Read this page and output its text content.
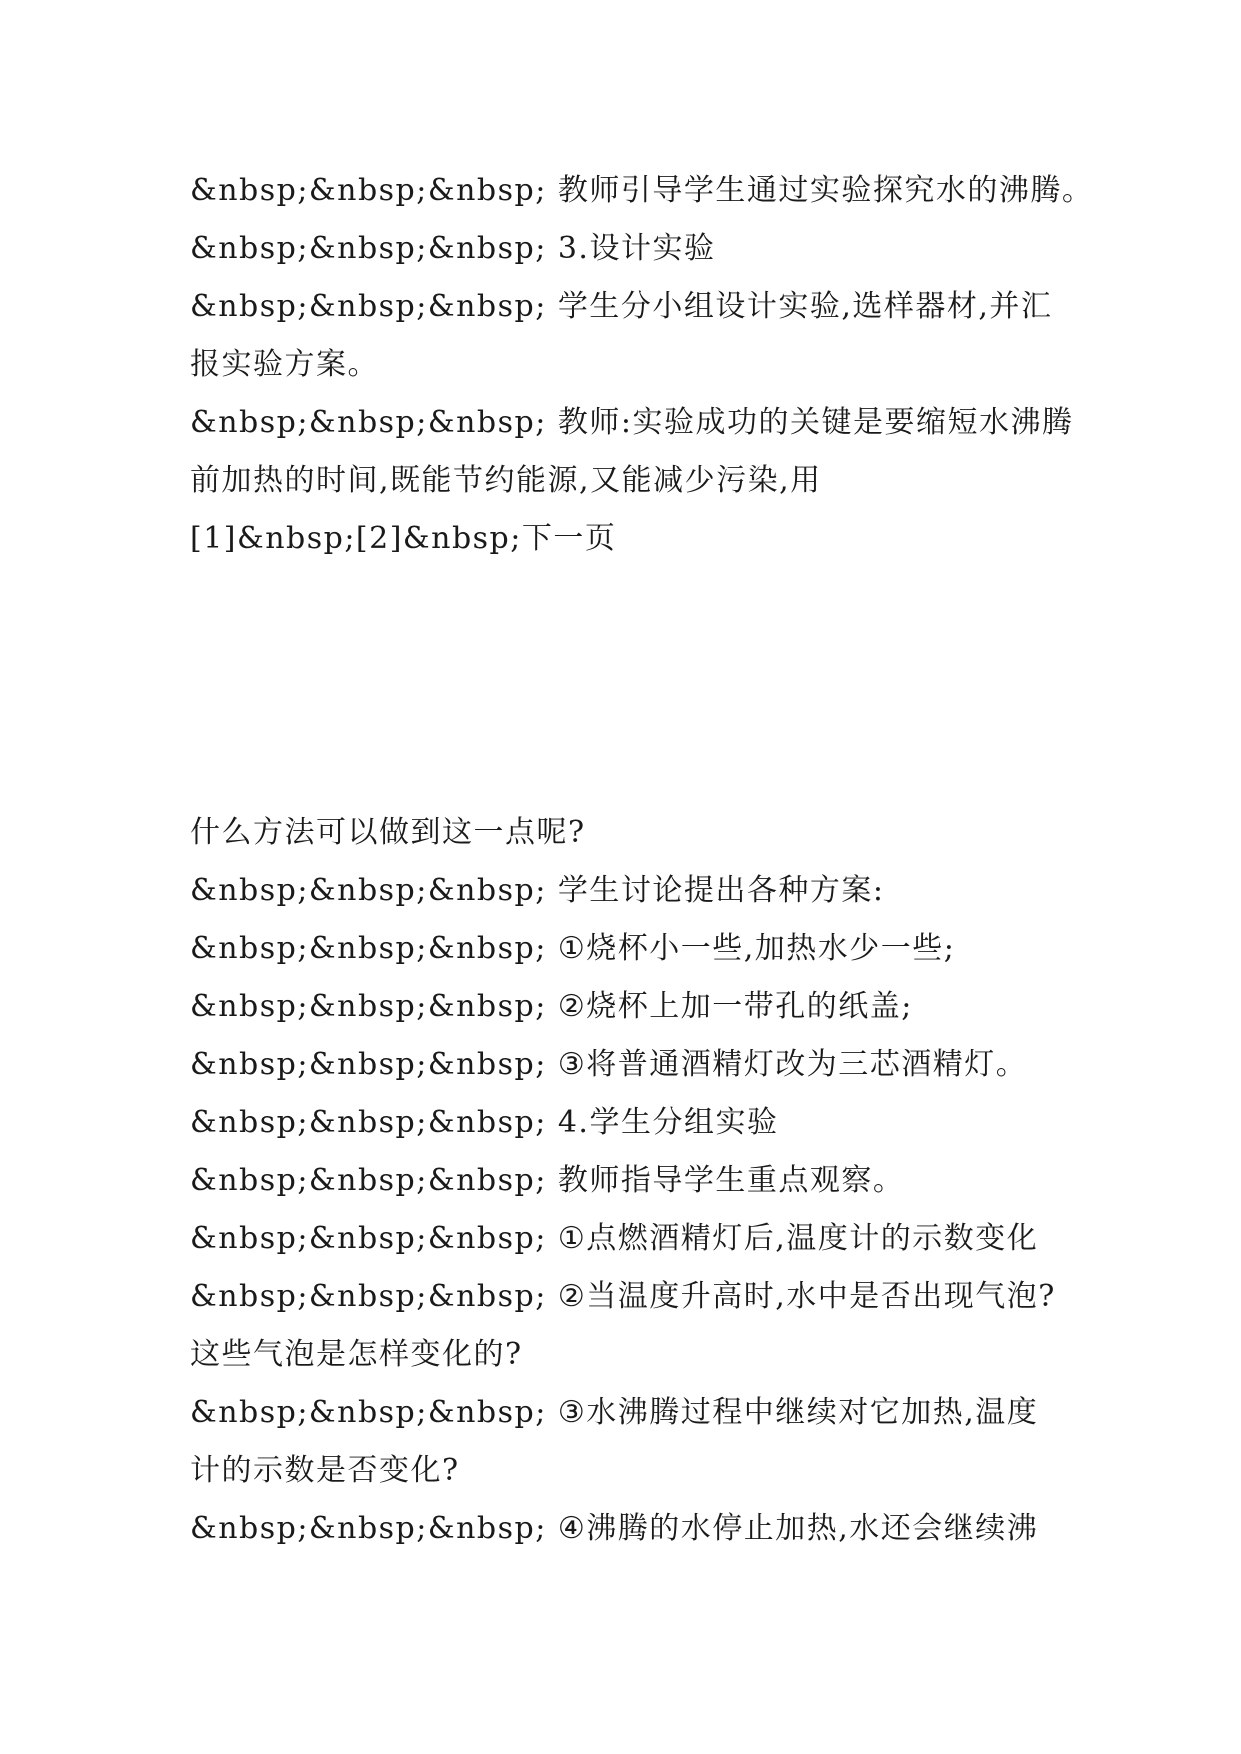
&nbsp;&nbsp;&nbsp; 教师引导学生通过实验探究水的沸腾。
&nbsp;&nbsp;&nbsp; 3.设计实验
&nbsp;&nbsp;&nbsp; 学生分小组设计实验,选样器材,并汇
报实验方案。
&nbsp;&nbsp;&nbsp; 教师:实验成功的关键是要缩短水沸腾
前加热的时间,既能节约能源,又能减少污染,用
[1]&nbsp;[2]&nbsp;下一页
什么方法可以做到这一点呢?
&nbsp;&nbsp;&nbsp; 学生讨论提出各种方案:
&nbsp;&nbsp;&nbsp; ①烧杯小一些,加热水少一些;
&nbsp;&nbsp;&nbsp; ②烧杯上加一带孔的纸盖;
&nbsp;&nbsp;&nbsp; ③将普通酒精灯改为三芯酒精灯。
&nbsp;&nbsp;&nbsp; 4.学生分组实验
&nbsp;&nbsp;&nbsp; 教师指导学生重点观察。
&nbsp;&nbsp;&nbsp; ①点燃酒精灯后,温度计的示数变化
&nbsp;&nbsp;&nbsp; ②当温度升高时,水中是否出现气泡?
这些气泡是怎样变化的?
&nbsp;&nbsp;&nbsp; ③水沸腾过程中继续对它加热,温度
计的示数是否变化?
&nbsp;&nbsp;&nbsp; ④沸腾的水停止加热,水还会继续沸
